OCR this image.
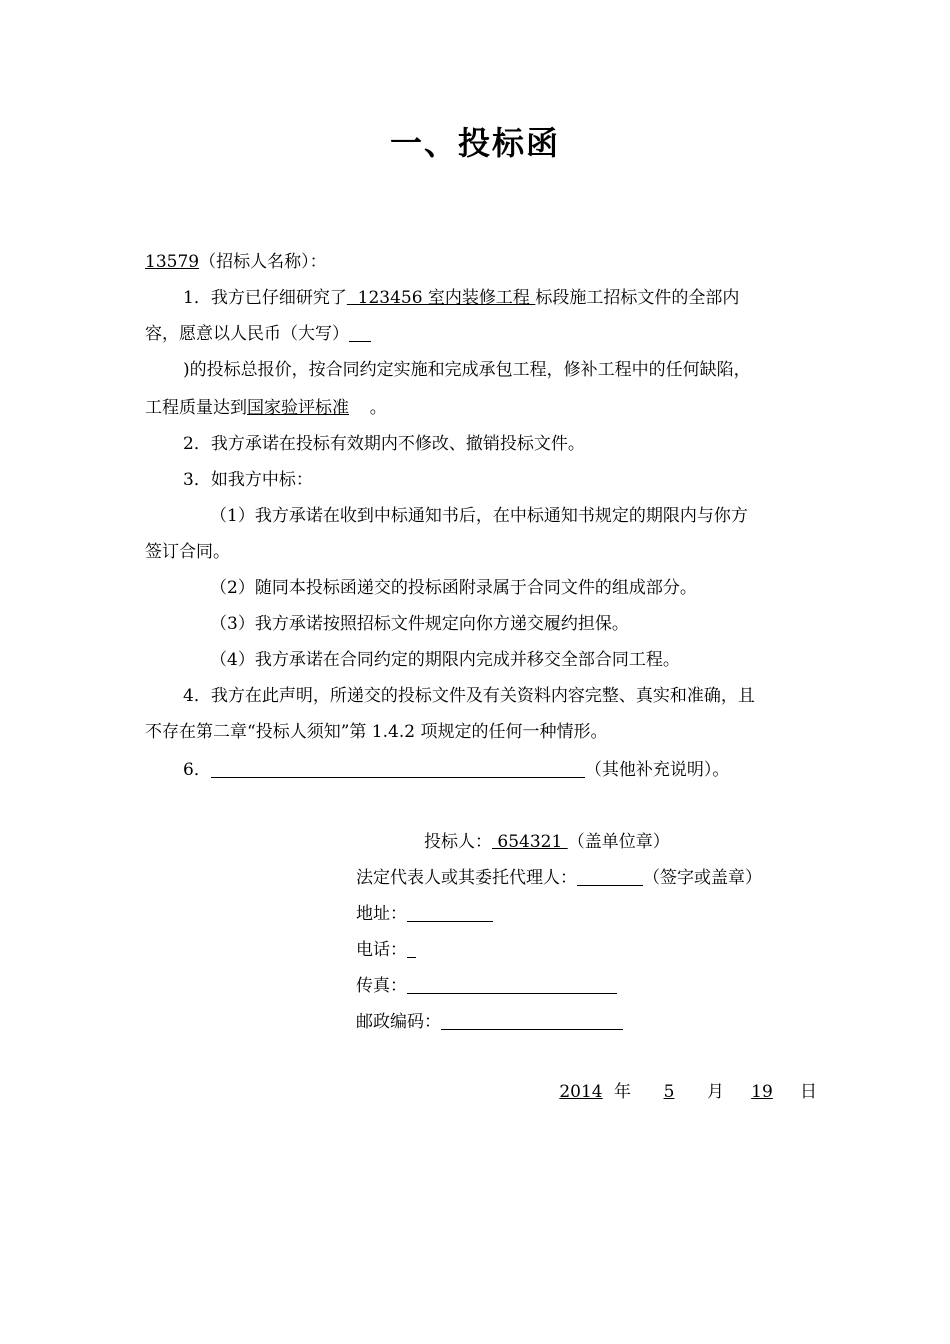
一、投标函
13579（招标人名称）：
1．我方已仔细研究了  123456 室内装修工程 标段施工招标文件的全部内
容，愿意以人民币（大写）
)的投标总报价，按合同约定实施和完成承包工程，修补工程中的任何缺陷，
工程质量达到国家验评标准  。
2．我方承诺在投标有效期内不修改、撤销投标文件。
3．如我方中标：
（1）我方承诺在收到中标通知书后，在中标通知书规定的期限内与你方
签订合同。
（2）随同本投标函递交的投标函附录属于合同文件的组成部分。
（3）我方承诺按照招标文件规定向你方递交履约担保。
（4）我方承诺在合同约定的期限内完成并移交全部合同工程。
4．我方在此声明，所递交的投标文件及有关资料内容完整、真实和准确，且
不存在第二章“投标人须知”第 1.4.2 项规定的任何一种情形。
6．	（其他补充说明）。
投标人： 654321 （盖单位章）
法定代表人或其委托代理人：	（签字或盖章）
地址：
电话：
传真：
邮政编码：
2014 年 5 月 19 日
